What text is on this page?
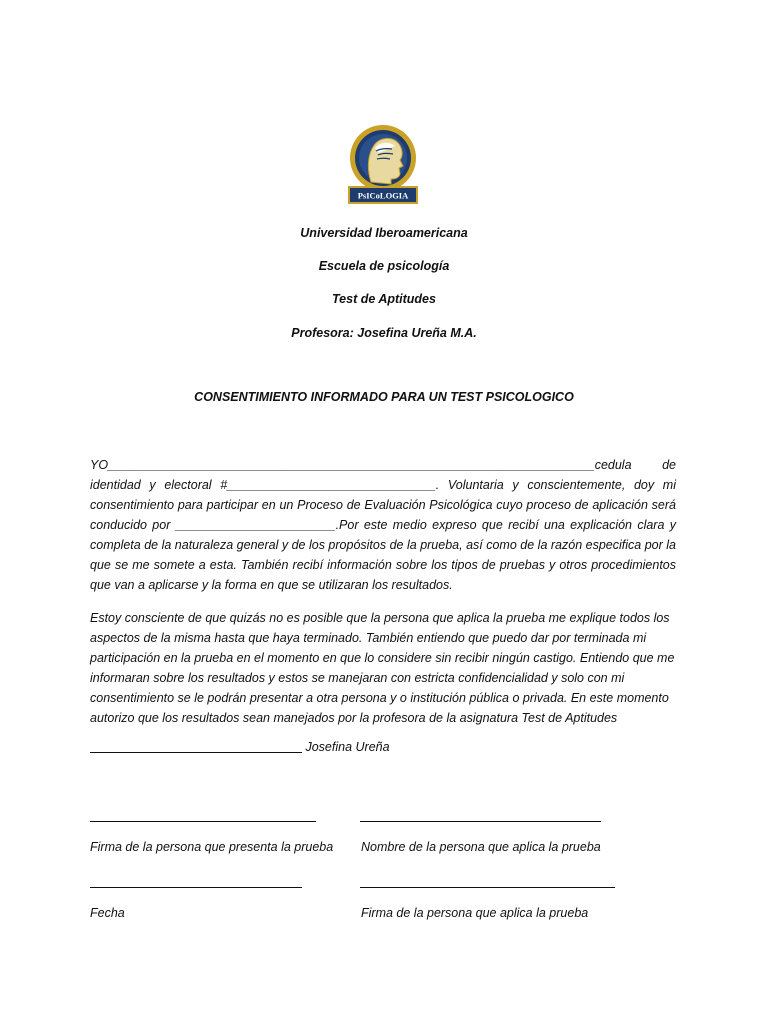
PsICoLOGIA
Universidad Iberoamericana
Escuela de psicología
Test de Aptitudes
Profesora: Josefina Ureña M.A.
CONSENTIMIENTO INFORMADO PARA UN TEST PSICOLOGICO

YO______________________________________________________________________cedula de identidad y electoral #______________________________. Voluntaria y conscientemente, doy mi consentimiento para participar en un Proceso de Evaluación Psicológica cuyo proceso de aplicación será conducido por _______________________.Por este medio expreso que recibí una explicación clara y completa de la naturaleza general y de los propósitos de la prueba, así como de la razón especifica por la que se me somete a esta. También recibí información sobre los tipos de pruebas y otros procedimientos que van a aplicarse y la forma en que se utilizaran los resultados.

Estoy consciente de que quizás no es posible que la persona que aplica la prueba me explique todos los aspectos de la misma hasta que haya terminado. También entiendo que puedo dar por terminada mi participación en la prueba en el momento en que lo considere sin recibir ningún castigo. Entiendo que me informaran sobre los resultados y estos se manejaran con estricta confidencialidad y solo con mi consentimiento se le podrán presentar a otra persona y o institución pública o privada. En este momento autorizo que los resultados sean manejados por la profesora de la asignatura Test de Aptitudes

Josefina Ureña
Firma de la persona que presenta la prueba Nombre de la persona que aplica la prueba
Fecha	Firma de la persona que aplica la prueba
